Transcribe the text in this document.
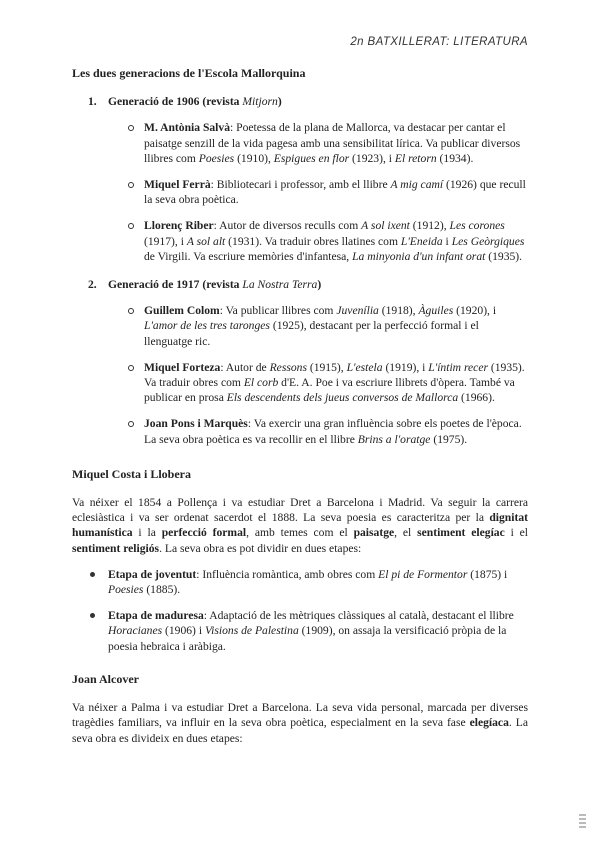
2n BATXILLERAT: LITERATURA

Les dues generacions de l'Escola Mallorquina

1. Generació de 1906 (revista Mitjorn)
M. Antònia Salvà: Poetessa de la plana de Mallorca, va destacar per cantar el paisatge senzill de la vida pagesa amb una sensibilitat lírica. Va publicar diversos llibres com Poesies (1910), Espigues en flor (1923), i El retorn (1934).
Miquel Ferrà: Bibliotecari i professor, amb el llibre A mig camí (1926) que recull la seva obra poètica.
Llorenç Riber: Autor de diversos reculls com A sol ixent (1912), Les corones (1917), i A sol alt (1931). Va traduir obres llatines com L'Eneida i Les Geòrgiques de Virgili. Va escriure memòries d'infantesa, La minyonia d'un infant orat (1935).
2. Generació de 1917 (revista La Nostra Terra)
Guillem Colom: Va publicar llibres com Juvenília (1918), Àguiles (1920), i L'amor de les tres taronges (1925), destacant per la perfecció formal i el llenguatge ric.
Miquel Forteza: Autor de Ressons (1915), L'estela (1919), i L'íntim recer (1935). Va traduir obres com El corb d'E. A. Poe i va escriure llibrets d'òpera. També va publicar en prosa Els descendents dels jueus conversos de Mallorca (1966).
Joan Pons i Marquès: Va exercir una gran influència sobre els poetes de l'època. La seva obra poètica es va recollir en el llibre Brins a l'oratge (1975).

Miquel Costa i Llobera

Va néixer el 1854 a Pollença i va estudiar Dret a Barcelona i Madrid. Va seguir la carrera eclesiàstica i va ser ordenat sacerdot el 1888. La seva poesia es caracteritza per la dignitat humanística i la perfecció formal, amb temes com el paisatge, el sentiment elegíac i el sentiment religiós. La seva obra es pot dividir en dues etapes:

Etapa de joventut: Influència romàntica, amb obres com El pi de Formentor (1875) i Poesies (1885).
Etapa de maduresa: Adaptació de les mètriques clàssiques al català, destacant el llibre Horacianes (1906) i Visions de Palestina (1909), on assaja la versificació pròpia de la poesia hebraica i aràbiga.

Joan Alcover

Va néixer a Palma i va estudiar Dret a Barcelona. La seva vida personal, marcada per diverses tragèdies familiars, va influir en la seva obra poètica, especialment en la seva fase elegíaca. La seva obra es divideix en dues etapes:
